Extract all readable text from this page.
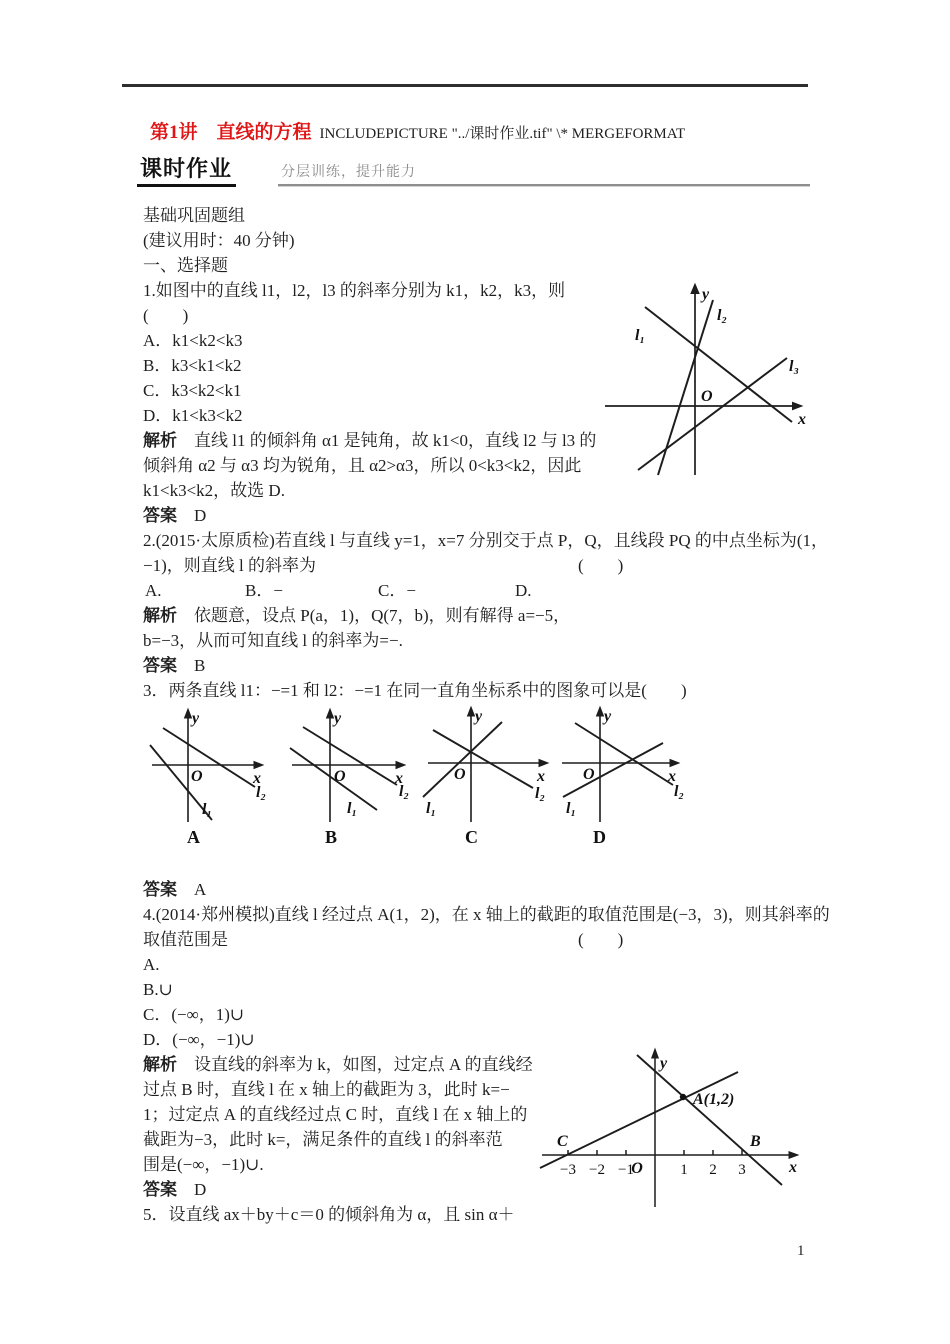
第1讲　直线的方程 INCLUDEPICTURE "../课时作业.tif" \* MERGEFORMAT
课时作业	分层训练，提升能力
基础巩固题组
(建议用时：40 分钟)
一、选择题
1.如图中的直线 l1，l2，l3 的斜率分别为 k1，k2，k3，则
(　　)
A．k1<k2<k3
B．k3<k1<k2
C．k3<k2<k1
D．k1<k3<k2
解析　直线 l1 的倾斜角 α1 是钝角，故 k1<0，直线 l2 与 l3 的
倾斜角 α2 与 α3 均为锐角，且 α2>α3，所以 0<k3<k2，因此
k1<k3<k2，故选 D.
答案　D
2.(2015·太原质检)若直线 l 与直线 y=1，x=7 分别交于点 P，Q，且线段 PQ 的中点坐标为(1，
−1)，则直线 l 的斜率为	(　　)
A.	B．−	C．−	D.
解析　依题意，设点 P(a，1)，Q(7，b)，则有解得 a=−5，
b=−3，从而可知直线 l 的斜率为=−.
答案　B
3．两条直线 l1：−=1 和 l2：−=1 在同一直角坐标系中的图象可以是(　　)
y
x
O
l₂
l₁
A
y
x
O
l₂
l₁
B
y
x
O
l₂
l₁
C
y
x
O
l₂
l₁
D
答案　A
4.(2014·郑州模拟)直线 l 经过点 A(1，2)，在 x 轴上的截距的取值范围是(−3，3)，则其斜率的
取值范围是	(　　)
A.
B.∪
C．(−∞，1)∪
D．(−∞，−1)∪
解析　设直线的斜率为 k，如图，过定点 A 的直线经
过点 B 时，直线 l 在 x 轴上的截距为 3，此时 k=−
1；过定点 A 的直线经过点 C 时，直线 l 在 x 轴上的
截距为−3，此时 k=，满足条件的直线 l 的斜率范
围是(−∞，−1)∪.
答案　D
5．设直线 ax＋by＋c＝0 的倾斜角为 α，且 sin α＋
y
x
O
l₁
l₂
l₃
−3 −2 −1
O 1 2 3
y
x
A(1,2)
C	B
1
